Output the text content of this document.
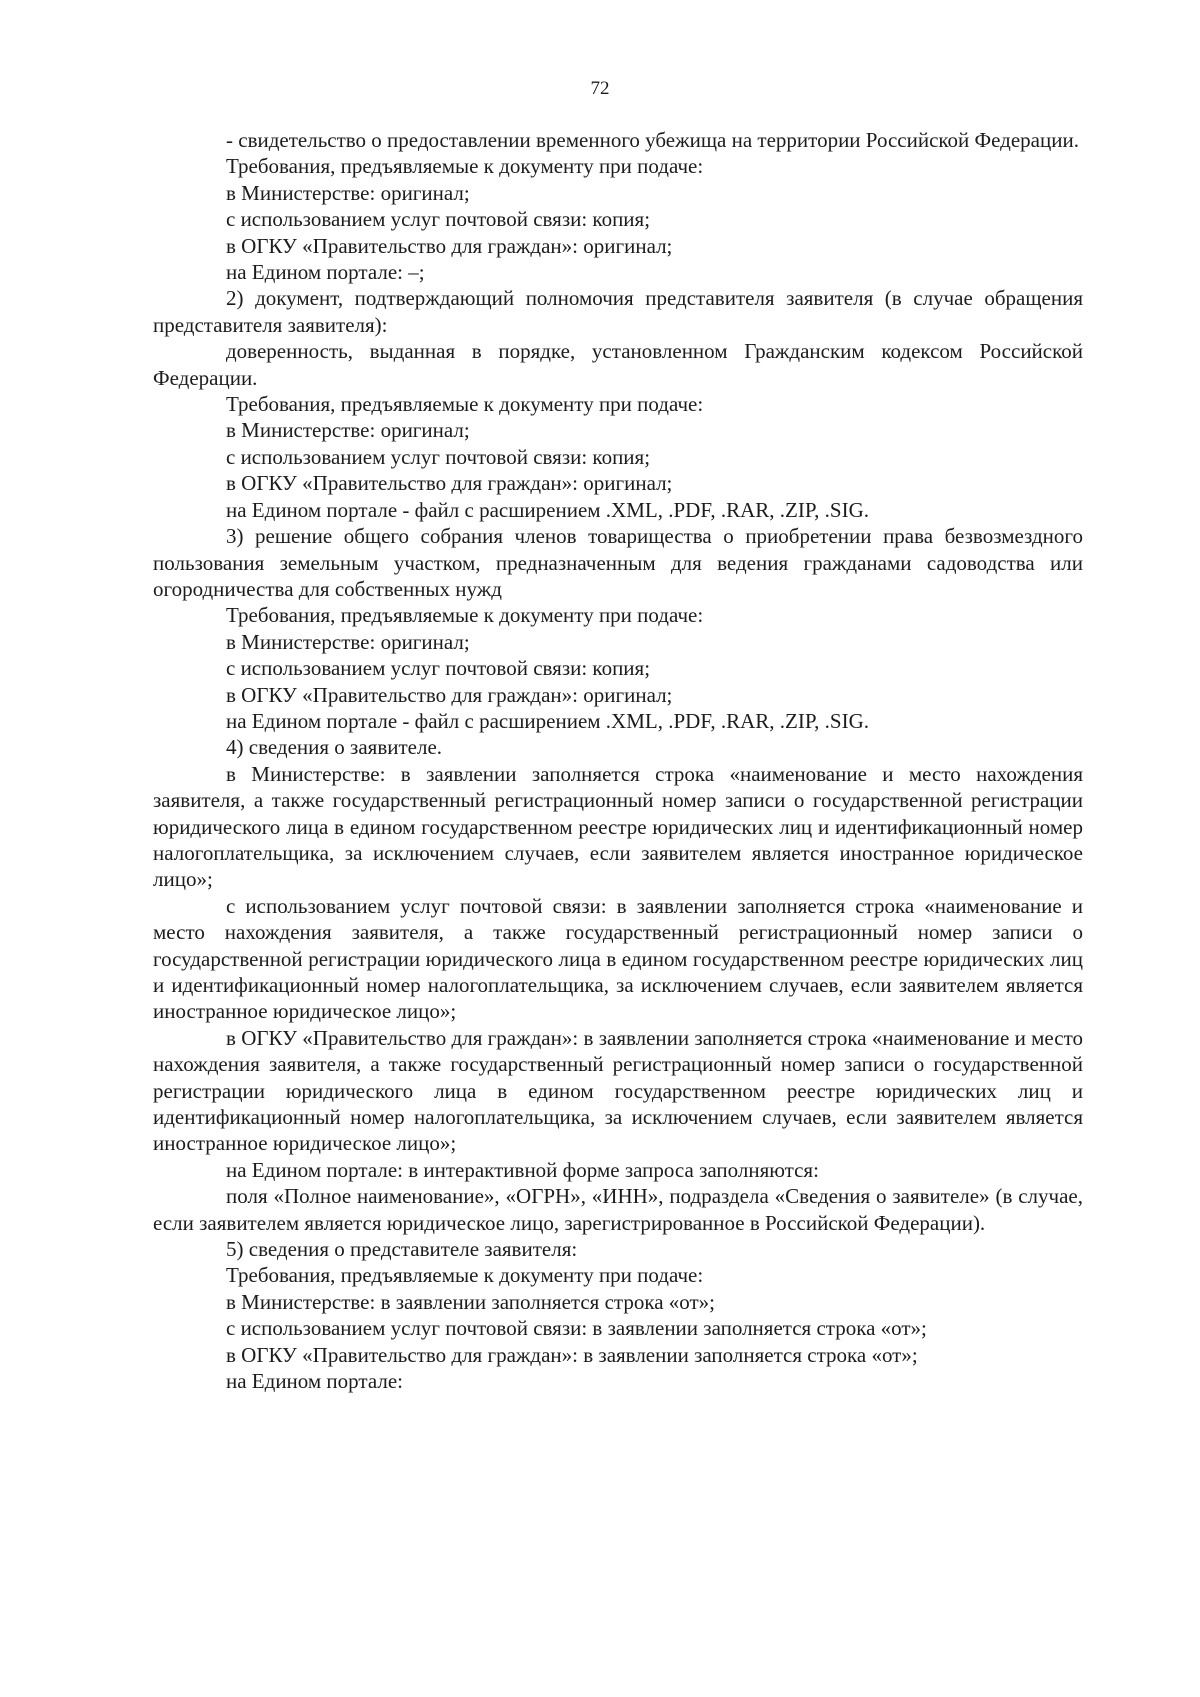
72

- свидетельство о предоставлении временного убежища на территории Российской Федерации.

Требования, предъявляемые к документу при подаче:

в Министерстве: оригинал;

с использованием услуг почтовой связи: копия;

в ОГКУ «Правительство для граждан»: оригинал;

на Едином портале: –;

2) документ, подтверждающий полномочия представителя заявителя (в случае обращения представителя заявителя):

доверенность, выданная в порядке, установленном Гражданским кодексом Российской Федерации.

Требования, предъявляемые к документу при подаче:

в Министерстве: оригинал;

с использованием услуг почтовой связи: копия;

в ОГКУ «Правительство для граждан»: оригинал;

на Едином портале - файл с расширением .XML, .PDF, .RAR, .ZIP, .SIG.

3) решение общего собрания членов товарищества о приобретении права безвозмездного пользования земельным участком, предназначенным для ведения гражданами садоводства или огородничества для собственных нужд

Требования, предъявляемые к документу при подаче:

в Министерстве: оригинал;

с использованием услуг почтовой связи: копия;

в ОГКУ «Правительство для граждан»: оригинал;

на Едином портале - файл с расширением .XML, .PDF, .RAR, .ZIP, .SIG.

4) сведения о заявителе.

в Министерстве: в заявлении заполняется строка «наименование и место нахождения заявителя, а также государственный регистрационный номер записи о государственной регистрации юридического лица в едином государственном реестре юридических лиц и идентификационный номер налогоплательщика, за исключением случаев, если заявителем является иностранное юридическое лицо»;

с использованием услуг почтовой связи: в заявлении заполняется строка «наименование и место нахождения заявителя, а также государственный регистрационный номер записи о государственной регистрации юридического лица в едином государственном реестре юридических лиц и идентификационный номер налогоплательщика, за исключением случаев, если заявителем является иностранное юридическое лицо»;

в ОГКУ «Правительство для граждан»: в заявлении заполняется строка «наименование и место нахождения заявителя, а также государственный регистрационный номер записи о государственной регистрации юридического лица в едином государственном реестре юридических лиц и идентификационный номер налогоплательщика, за исключением случаев, если заявителем является иностранное юридическое лицо»;

на Едином портале: в интерактивной форме запроса заполняются:

поля «Полное наименование», «ОГРН», «ИНН», подраздела «Сведения о заявителе» (в случае, если заявителем является юридическое лицо, зарегистрированное в Российской Федерации).

5) сведения о представителе заявителя:

Требования, предъявляемые к документу при подаче:

в Министерстве: в заявлении заполняется строка «от»;

с использованием услуг почтовой связи: в заявлении заполняется строка «от»;

в ОГКУ «Правительство для граждан»: в заявлении заполняется строка «от»;

на Едином портале:
